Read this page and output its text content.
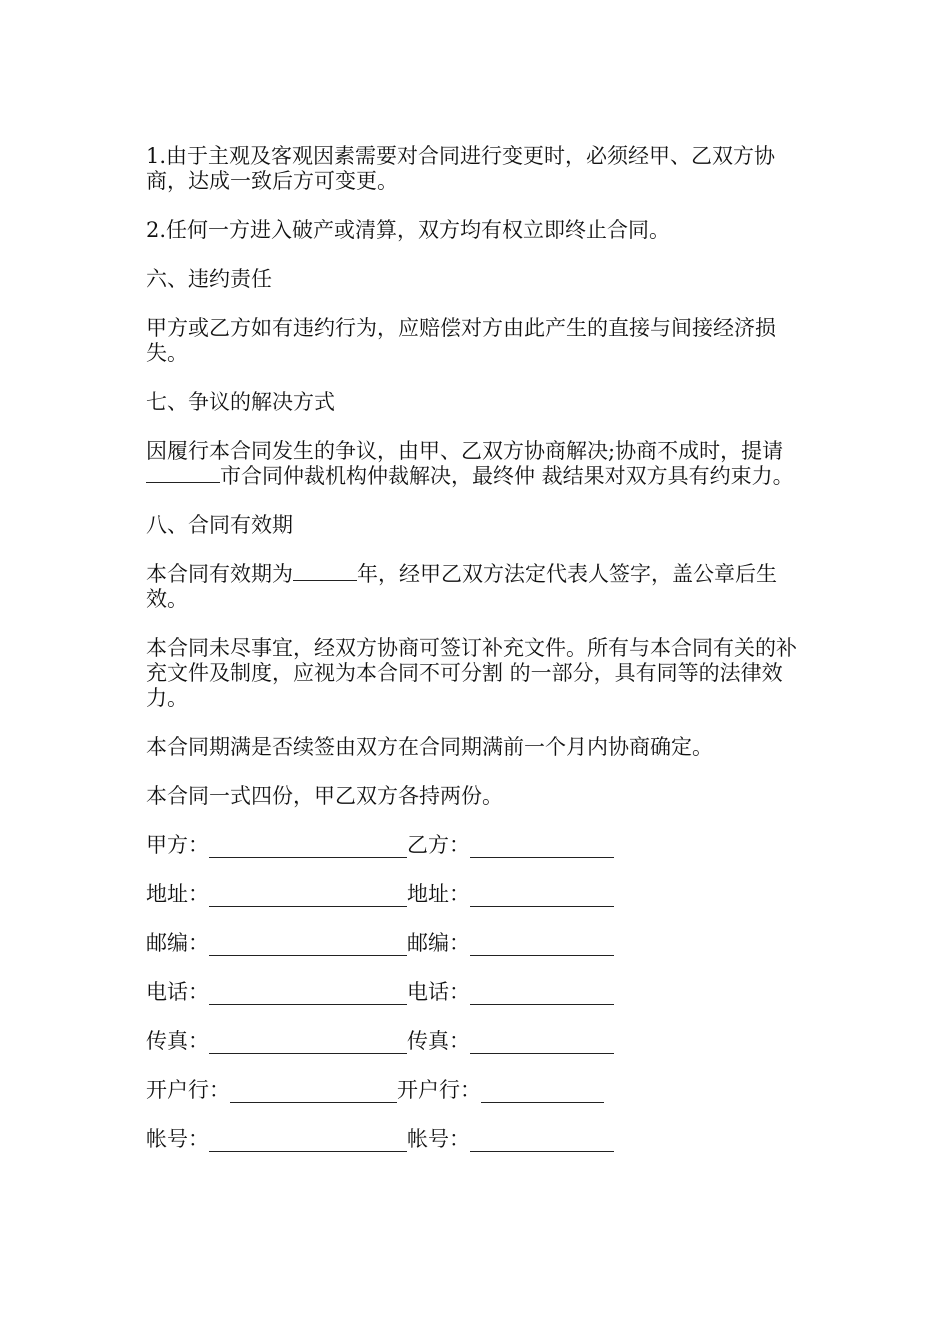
1.由于主观及客观因素需要对合同进行变更时，必须经甲、乙双方协商，达成一致后方可变更。

2.任何一方进入破产或清算，双方均有权立即终止合同。

六、违约责任

甲方或乙方如有违约行为，应赔偿对方由此产生的直接与间接经济损失。

七、争议的解决方式

因履行本合同发生的争议，由甲、乙双方协商解决;协商不成时，提请市合同仲裁机构仲裁解决，最终仲 裁结果对双方具有约束力。

八、合同有效期

本合同有效期为	年，经甲乙双方法定代表人签字，盖公章后生效。

本合同未尽事宜，经双方协商可签订补充文件。所有与本合同有关的补充文件及制度，应视为本合同不可分割 的一部分，具有同等的法律效力。

本合同期满是否续签由双方在合同期满前一个月内协商确定。

本合同一式四份，甲乙双方各持两份。

甲方：	乙方：
地址：	地址：
邮编：	邮编：
电话：	电话：
传真：	传真：
开户行：	开户行：
帐号：	帐号：
